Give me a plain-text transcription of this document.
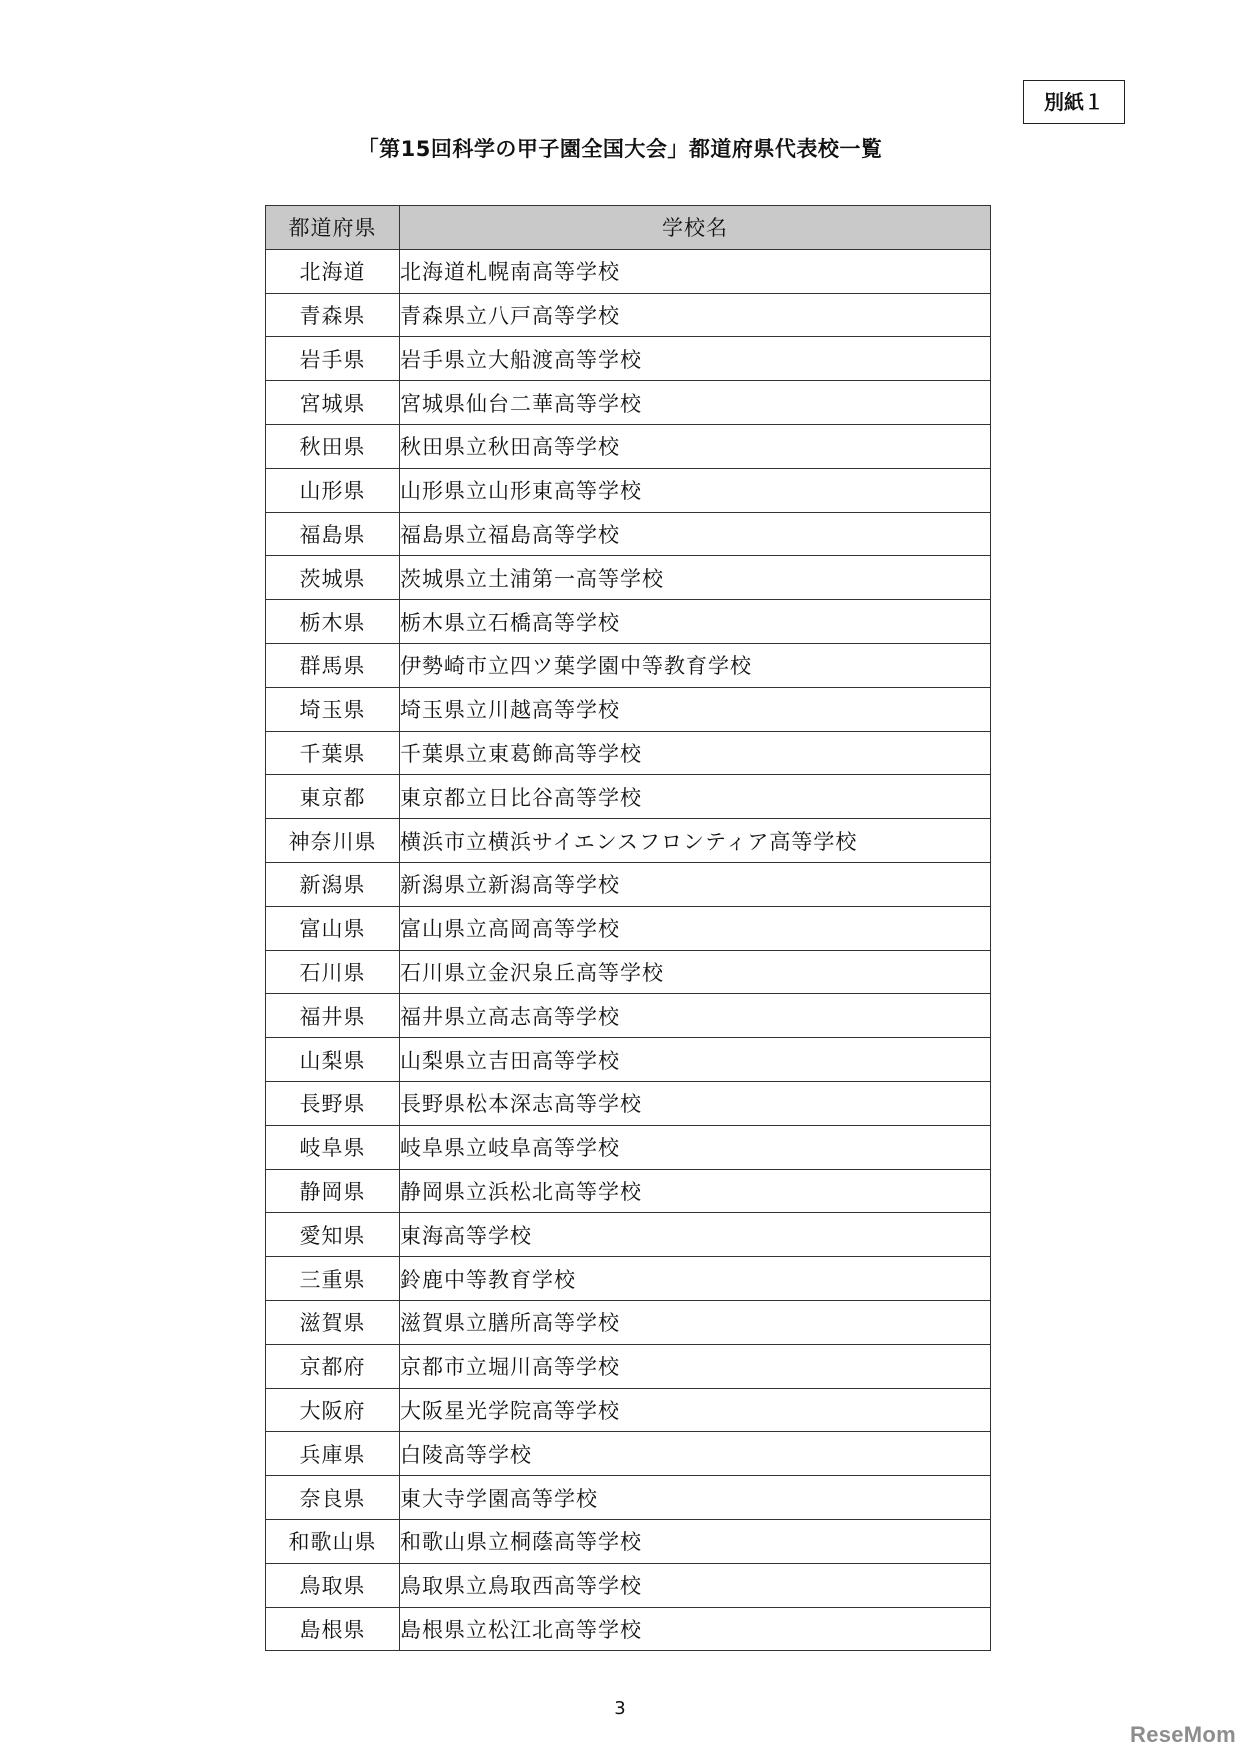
別紙１
「第15回科学の甲子園全国大会」都道府県代表校一覧
都道府県	学校名
北海道	北海道札幌南高等学校
青森県	青森県立八戸高等学校
岩手県	岩手県立大船渡高等学校
宮城県	宮城県仙台二華高等学校
秋田県	秋田県立秋田高等学校
山形県	山形県立山形東高等学校
福島県	福島県立福島高等学校
茨城県	茨城県立土浦第一高等学校
栃木県	栃木県立石橋高等学校
群馬県	伊勢崎市立四ツ葉学園中等教育学校
埼玉県	埼玉県立川越高等学校
千葉県	千葉県立東葛飾高等学校
東京都	東京都立日比谷高等学校
神奈川県	横浜市立横浜サイエンスフロンティア高等学校
新潟県	新潟県立新潟高等学校
富山県	富山県立高岡高等学校
石川県	石川県立金沢泉丘高等学校
福井県	福井県立高志高等学校
山梨県	山梨県立吉田高等学校
長野県	長野県松本深志高等学校
岐阜県	岐阜県立岐阜高等学校
静岡県	静岡県立浜松北高等学校
愛知県	東海高等学校
三重県	鈴鹿中等教育学校
滋賀県	滋賀県立膳所高等学校
京都府	京都市立堀川高等学校
大阪府	大阪星光学院高等学校
兵庫県	白陵高等学校
奈良県	東大寺学園高等学校
和歌山県	和歌山県立桐蔭高等学校
鳥取県	鳥取県立鳥取西高等学校
島根県	島根県立松江北高等学校
3
ReseMom
